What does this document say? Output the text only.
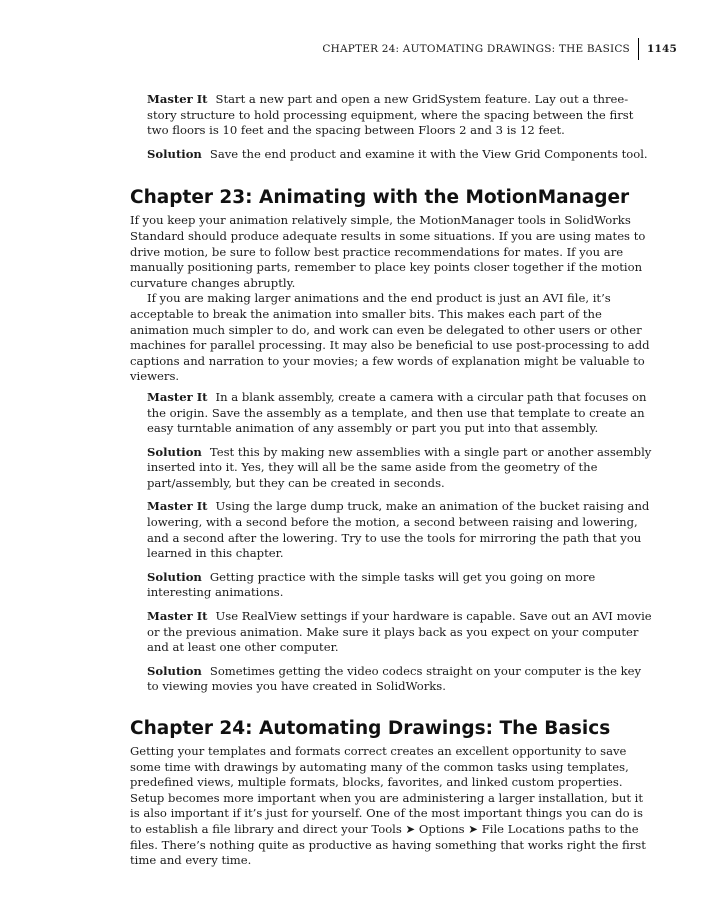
CHAPTER 24: AUTOMATING DRAWINGS: THE BASICS	1145
Master It Start a new part and open a new GridSystem feature. Lay out a three-story structure to hold processing equipment, where the spacing between the first two floors is 10 feet and the spacing between Floors 2 and 3 is 12 feet.
Solution Save the end product and examine it with the View Grid Components tool.
Chapter 23: Animating with the MotionManager

If you keep your animation relatively simple, the MotionManager tools in SolidWorks Standard should produce adequate results in some situations. If you are using mates to drive motion, be sure to follow best practice recommendations for mates. If you are manually positioning parts, remember to place key points closer together if the motion curvature changes abruptly.

If you are making larger animations and the end product is just an AVI file, it’s acceptable to break the animation into smaller bits. This makes each part of the animation much simpler to do, and work can even be delegated to other users or other machines for parallel processing. It may also be beneficial to use post-processing to add captions and narration to your movies; a few words of explanation might be valuable to viewers.

Master It In a blank assembly, create a camera with a circular path that focuses on the origin. Save the assembly as a template, and then use that template to create an easy turntable animation of any assembly or part you put into that assembly.
Solution Test this by making new assemblies with a single part or another assembly inserted into it. Yes, they will all be the same aside from the geometry of the part/assembly, but they can be created in seconds.
Master It Using the large dump truck, make an animation of the bucket raising and lowering, with a second before the motion, a second between raising and lowering, and a second after the lowering. Try to use the tools for mirroring the path that you learned in this chapter.
Solution Getting practice with the simple tasks will get you going on more interesting animations.
Master It Use RealView settings if your hardware is capable. Save out an AVI movie or the previous animation. Make sure it plays back as you expect on your computer and at least one other computer.
Solution Sometimes getting the video codecs straight on your computer is the key to viewing movies you have created in SolidWorks.
Chapter 24: Automating Drawings: The Basics

Getting your templates and formats correct creates an excellent opportunity to save some time with drawings by automating many of the common tasks using templates, predefined views, multiple formats, blocks, favorites, and linked custom properties. Setup becomes more important when you are administering a larger installation, but it is also important if it’s just for yourself. One of the most important things you can do is to establish a file library and direct your Tools ➤ Options ➤ File Locations paths to the files. There’s nothing quite as productive as having something that works right the first time and every time.
